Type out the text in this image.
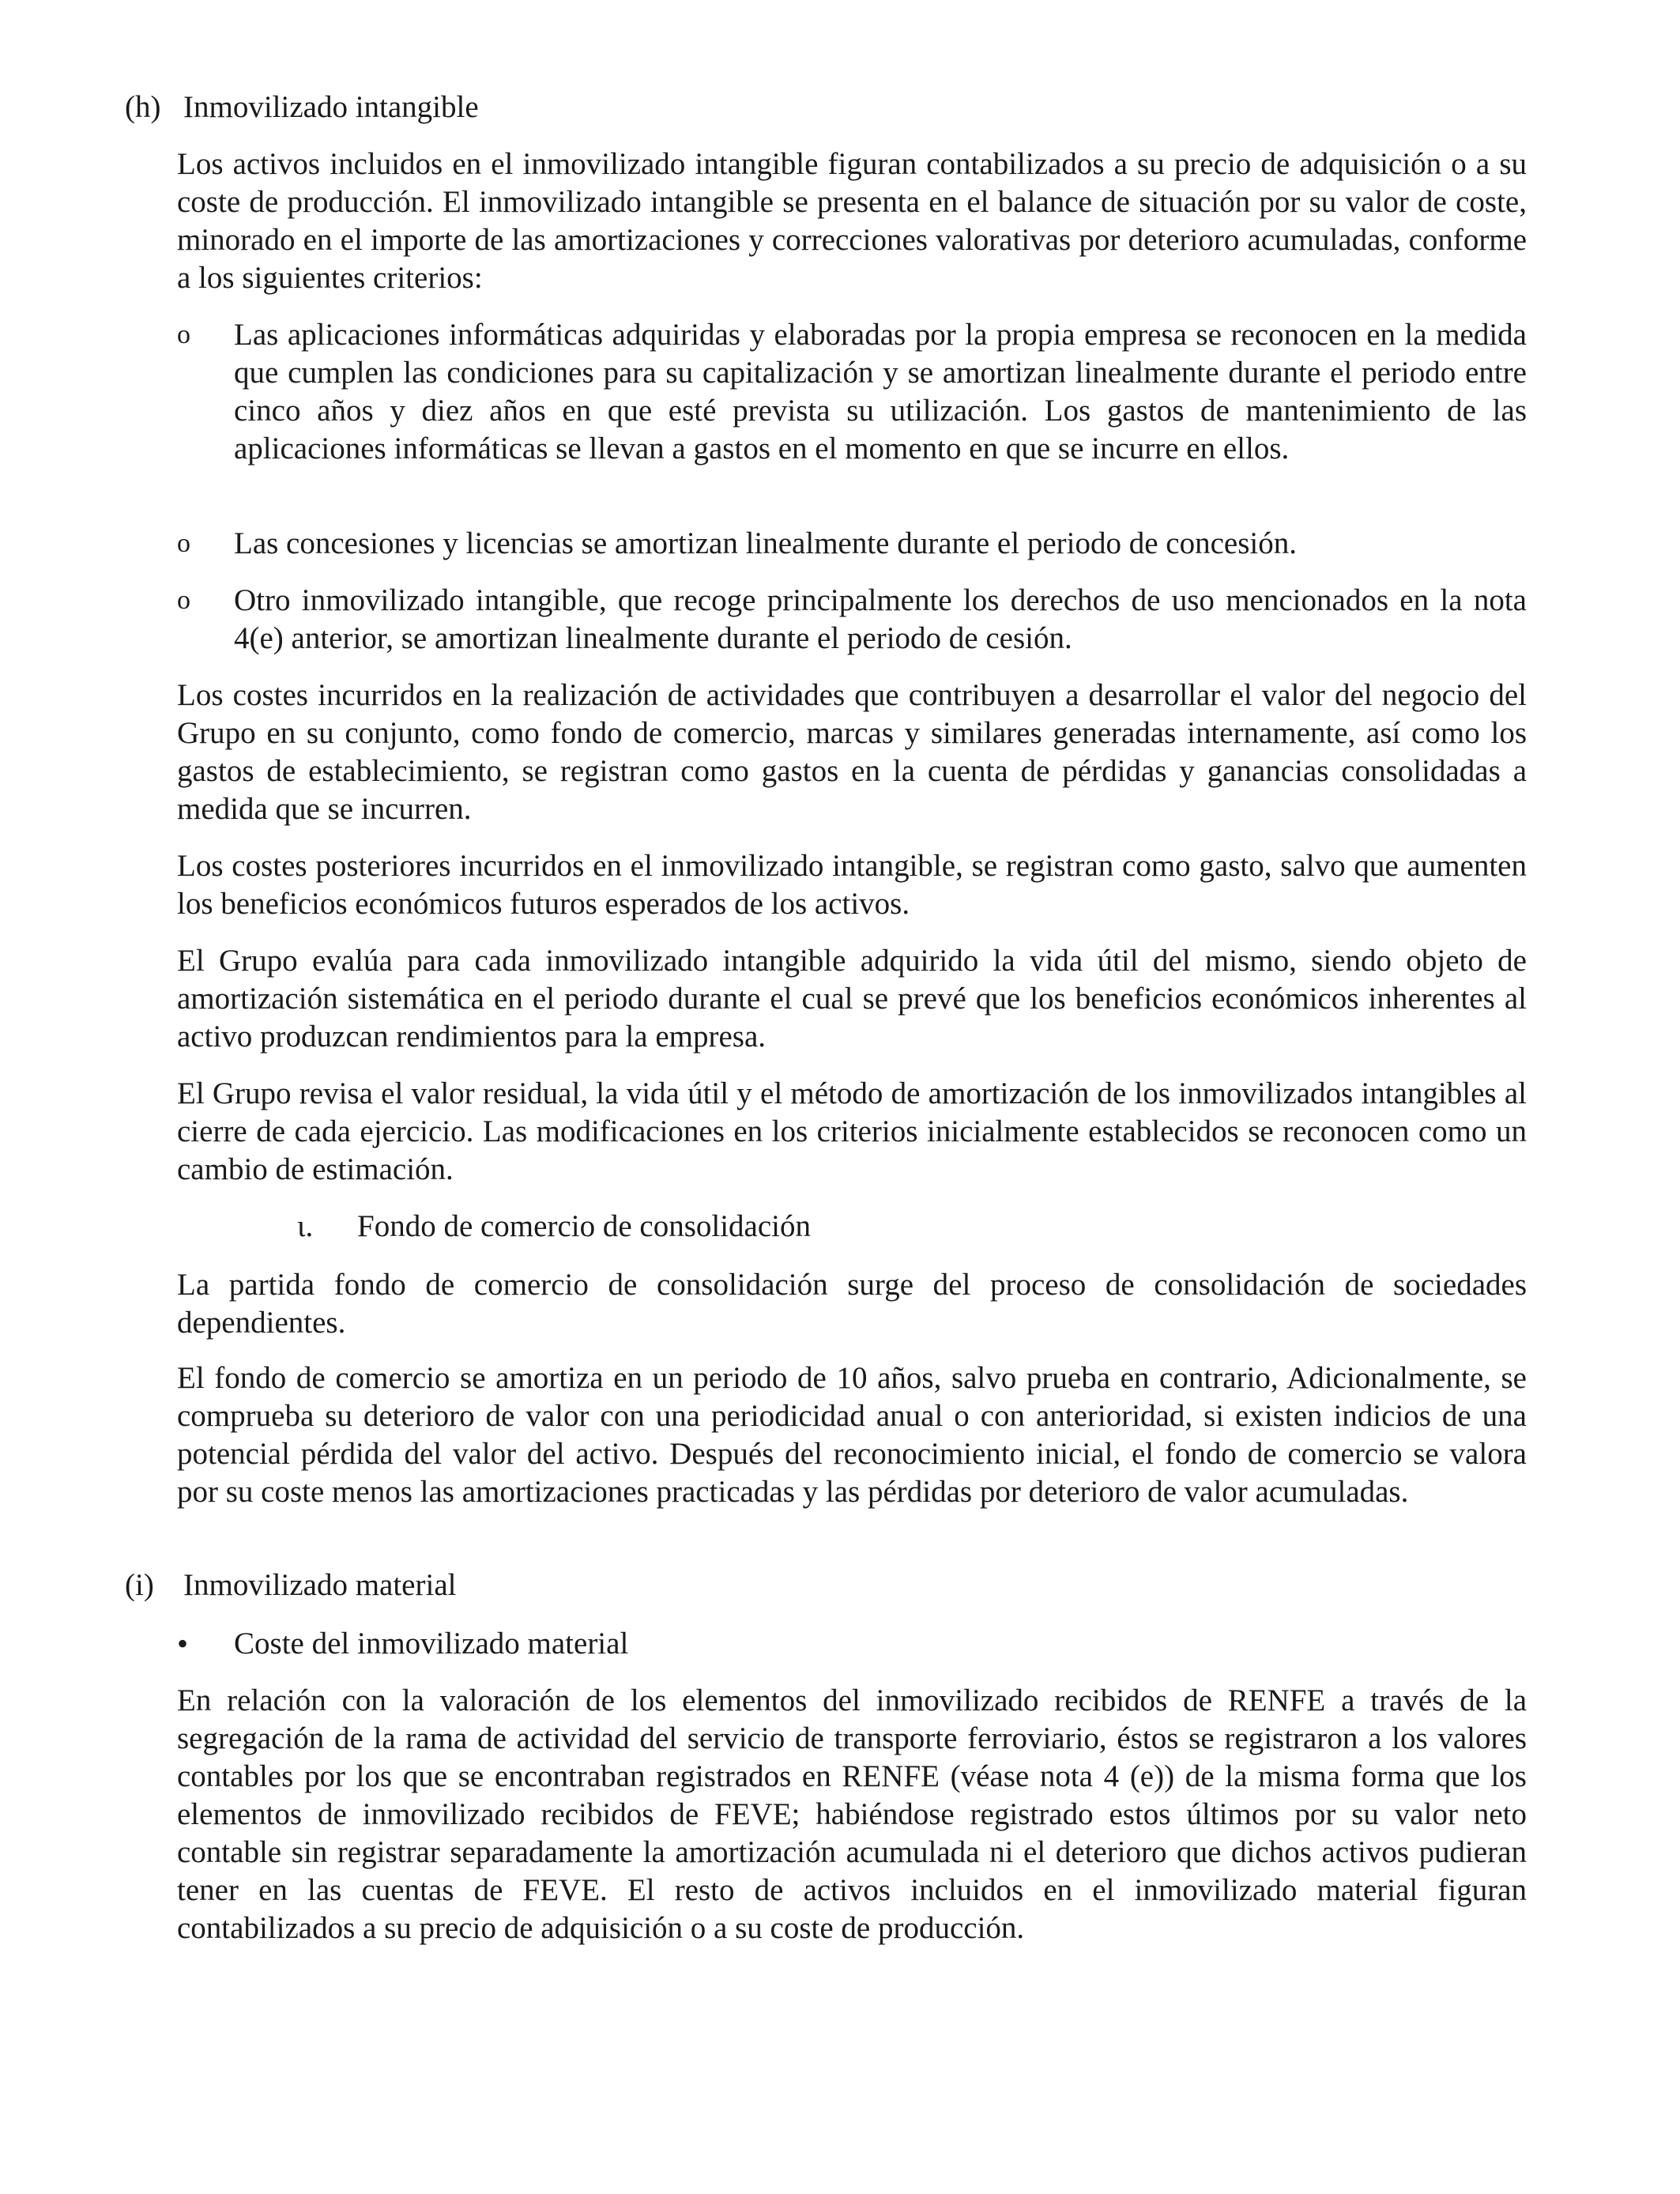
(h) Inmovilizado intangible

Los activos incluidos en el inmovilizado intangible figuran contabilizados a su precio de adquisición o a su coste de producción. El inmovilizado intangible se presenta en el balance de situación por su valor de coste, minorado en el importe de las amortizaciones y correcciones valorativas por deterioro acumuladas, conforme a los siguientes criterios:

o	Las aplicaciones informáticas adquiridas y elaboradas por la propia empresa se reconocen en la medida que cumplen las condiciones para su capitalización y se amortizan linealmente durante el periodo entre cinco años y diez años en que esté prevista su utilización. Los gastos de mantenimiento de las aplicaciones informáticas se llevan a gastos en el momento en que se incurre en ellos.

o	Las concesiones y licencias se amortizan linealmente durante el periodo de concesión.

o	Otro inmovilizado intangible, que recoge principalmente los derechos de uso mencionados en la nota 4(e) anterior, se amortizan linealmente durante el periodo de cesión.

Los costes incurridos en la realización de actividades que contribuyen a desarrollar el valor del negocio del Grupo en su conjunto, como fondo de comercio, marcas y similares generadas internamente, así como los gastos de establecimiento, se registran como gastos en la cuenta de pérdidas y ganancias consolidadas a medida que se incurren.

Los costes posteriores incurridos en el inmovilizado intangible, se registran como gasto, salvo que aumenten los beneficios económicos futuros esperados de los activos.

El Grupo evalúa para cada inmovilizado intangible adquirido la vida útil del mismo, siendo objeto de amortización sistemática en el periodo durante el cual se prevé que los beneficios económicos inherentes al activo produzcan rendimientos para la empresa.

El Grupo revisa el valor residual, la vida útil y el método de amortización de los inmovilizados intangibles al cierre de cada ejercicio. Las modificaciones en los criterios inicialmente establecidos se reconocen como un cambio de estimación.

ι. Fondo de comercio de consolidación

La partida fondo de comercio de consolidación surge del proceso de consolidación de sociedades dependientes.

El fondo de comercio se amortiza en un periodo de 10 años, salvo prueba en contrario, Adicionalmente, se comprueba su deterioro de valor con una periodicidad anual o con anterioridad, si existen indicios de una potencial pérdida del valor del activo. Después del reconocimiento inicial, el fondo de comercio se valora por su coste menos las amortizaciones practicadas y las pérdidas por deterioro de valor acumuladas.

(i) Inmovilizado material
•	Coste del inmovilizado material

En relación con la valoración de los elementos del inmovilizado recibidos de RENFE a través de la segregación de la rama de actividad del servicio de transporte ferroviario, éstos se registraron a los valores contables por los que se encontraban registrados en RENFE (véase nota 4 (e)) de la misma forma que los elementos de inmovilizado recibidos de FEVE; habiéndose registrado estos últimos por su valor neto contable sin registrar separadamente la amortización acumulada ni el deterioro que dichos activos pudieran tener en las cuentas de FEVE. El resto de activos incluidos en el inmovilizado material figuran contabilizados a su precio de adquisición o a su coste de producción.
